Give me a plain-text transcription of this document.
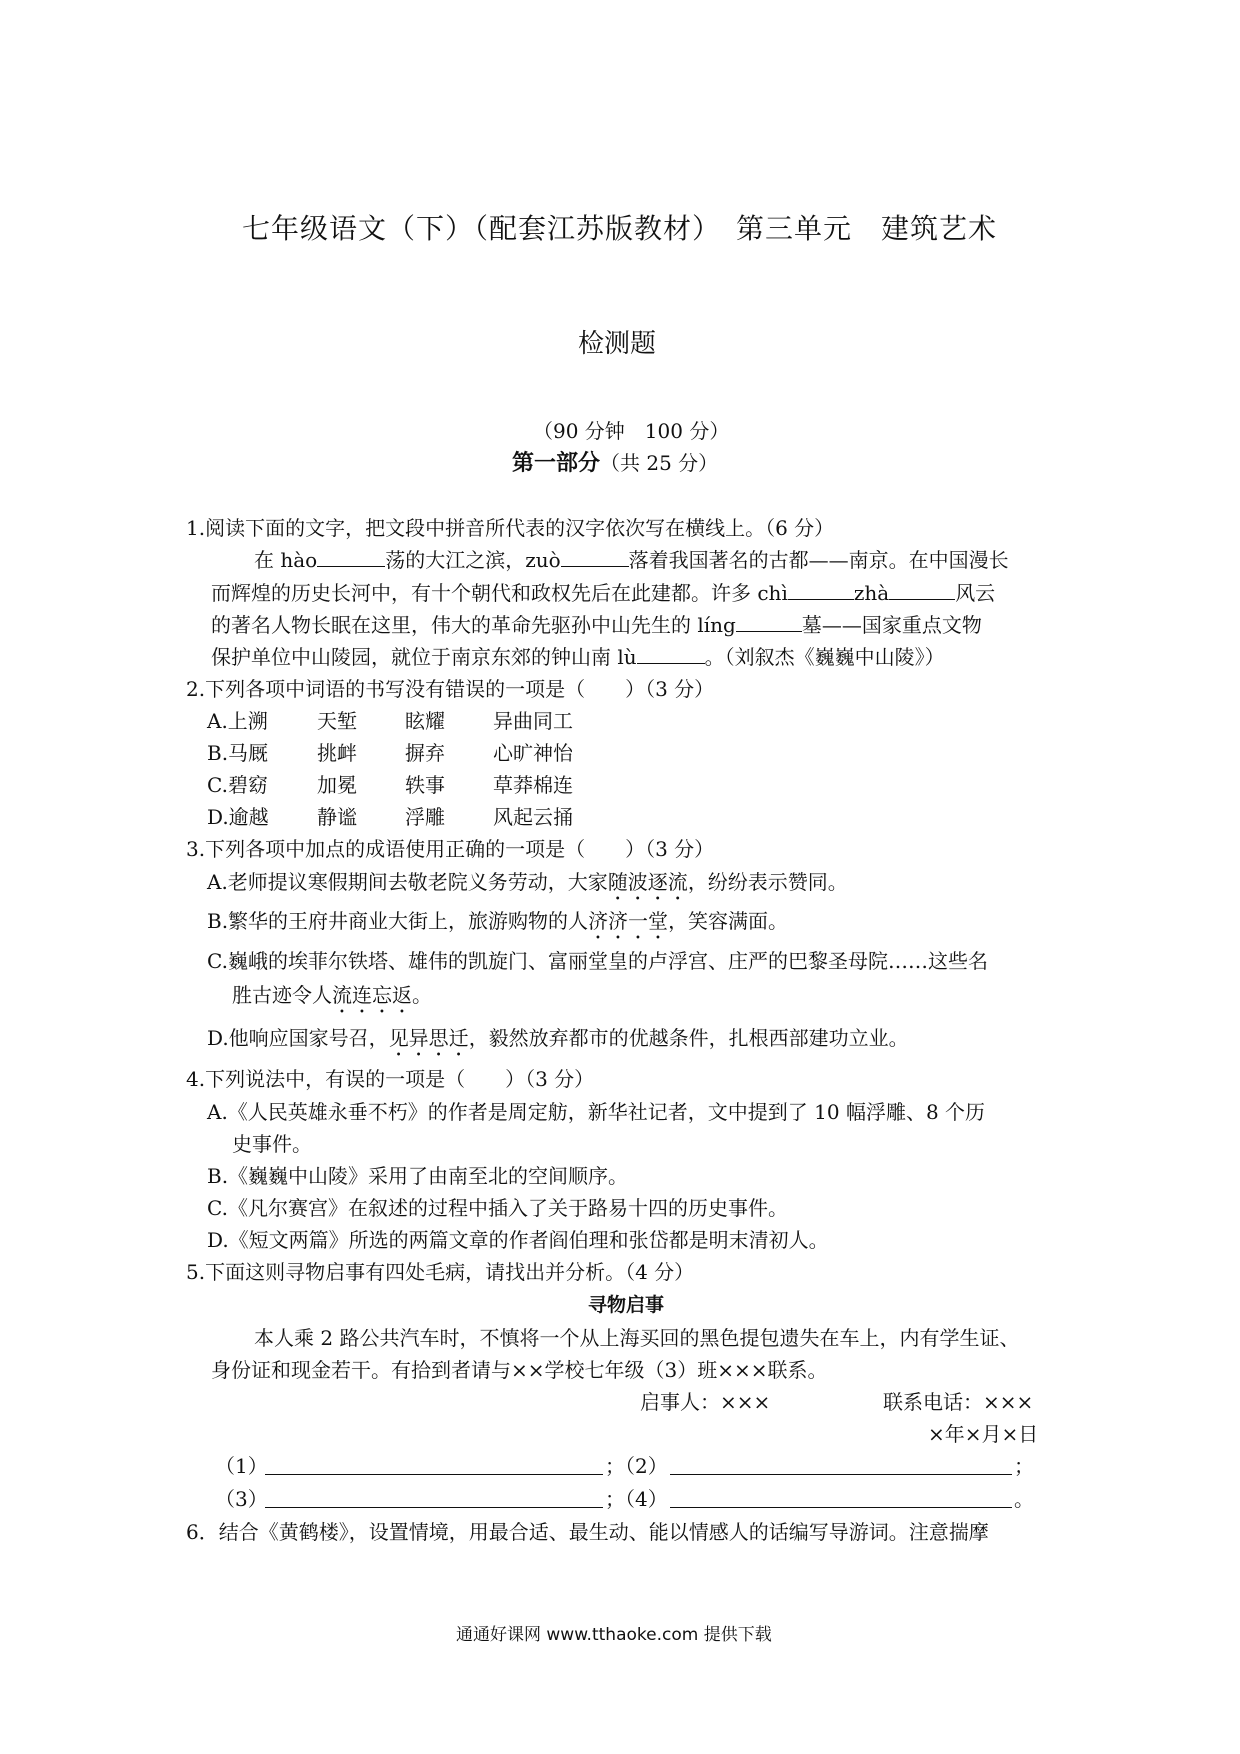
七年级语文（下）（配套江苏版教材）　第三单元　建筑艺术
检测题
（90 分钟　100 分）
第一部分（共 25 分）
1.阅读下面的文字，把文段中拼音所代表的汉字依次写在横线上。（6 分）
在 hào	荡的大江之滨，zuò	落着我国著名的古都——南京。在中国漫长
而辉煌的历史长河中，有十个朝代和政权先后在此建都。许多 chì	zhà	风云
的著名人物长眠在这里，伟大的革命先驱孙中山先生的 líng	墓——国家重点文物
保护单位中山陵园，就位于南京东郊的钟山南 lù	。（刘叙杰《巍巍中山陵》）
2.下列各项中词语的书写没有错误的一项是（　　）（3 分）
A.上溯 天堑 眩耀 异曲同工
B.马厩 挑衅 摒弃 心旷神怡
C.碧窈 加冕 轶事 草莽棉连
D.逾越 静谧 浮雕 风起云捅
3.下列各项中加点的成语使用正确的一项是（　　）（3 分）
A.老师提议寒假期间去敬老院义务劳动，大家随波逐流，纷纷表示赞同。
B.繁华的王府井商业大街上，旅游购物的人济济一堂，笑容满面。
C.巍峨的埃菲尔铁塔、雄伟的凯旋门、富丽堂皇的卢浮宫、庄严的巴黎圣母院……这些名
胜古迹令人流连忘返。
D.他响应国家号召，见异思迁，毅然放弃都市的优越条件，扎根西部建功立业。
4.下列说法中，有误的一项是（　　）（3 分）
A.《人民英雄永垂不朽》的作者是周定舫，新华社记者，文中提到了 10 幅浮雕、8 个历
史事件。
B.《巍巍中山陵》采用了由南至北的空间顺序。
C.《凡尔赛宫》在叙述的过程中插入了关于路易十四的历史事件。
D.《短文两篇》所选的两篇文章的作者阎伯理和张岱都是明末清初人。
5.下面这则寻物启事有四处毛病，请找出并分析。（4 分）
寻物启事
本人乘 2 路公共汽车时，不慎将一个从上海买回的黑色提包遗失在车上，内有学生证、
身份证和现金若干。有拾到者请与××学校七年级（3）班×××联系。
启事人：×××	联系电话：×××
×年×月×日
（1）	；（2）	；
（3）	；（4）	。
6．结合《黄鹤楼》，设置情境，用最合适、最生动、能以情感人的话编写导游词。注意揣摩
通通好课网 www.tthaoke.com 提供下载
